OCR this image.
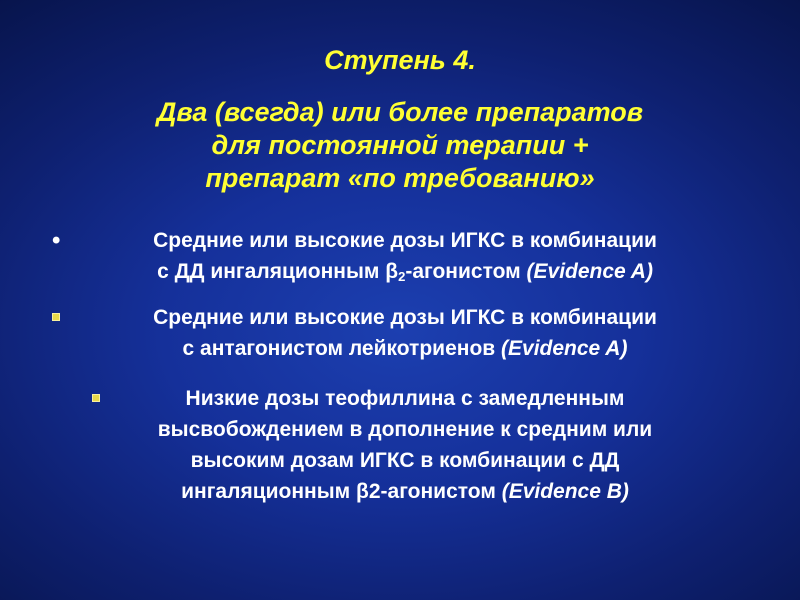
Ступень 4.
Два (всегда) или более препаратов
для постоянной терапии +
препарат «по требованию»
•	Средние или высокие дозы ИГКС в комбинации
с ДД ингаляционным $\beta_2$-агонистом (Evidence A)
Средние или высокие дозы ИГКС в комбинации
с антагонистом лейкотриенов (Evidence A)
Низкие дозы теофиллина с замедленным
высвобождением в дополнение к средним или
высоким дозам ИГКС в комбинации с ДД
ингаляционным β2-агонистом (Evidence B)
